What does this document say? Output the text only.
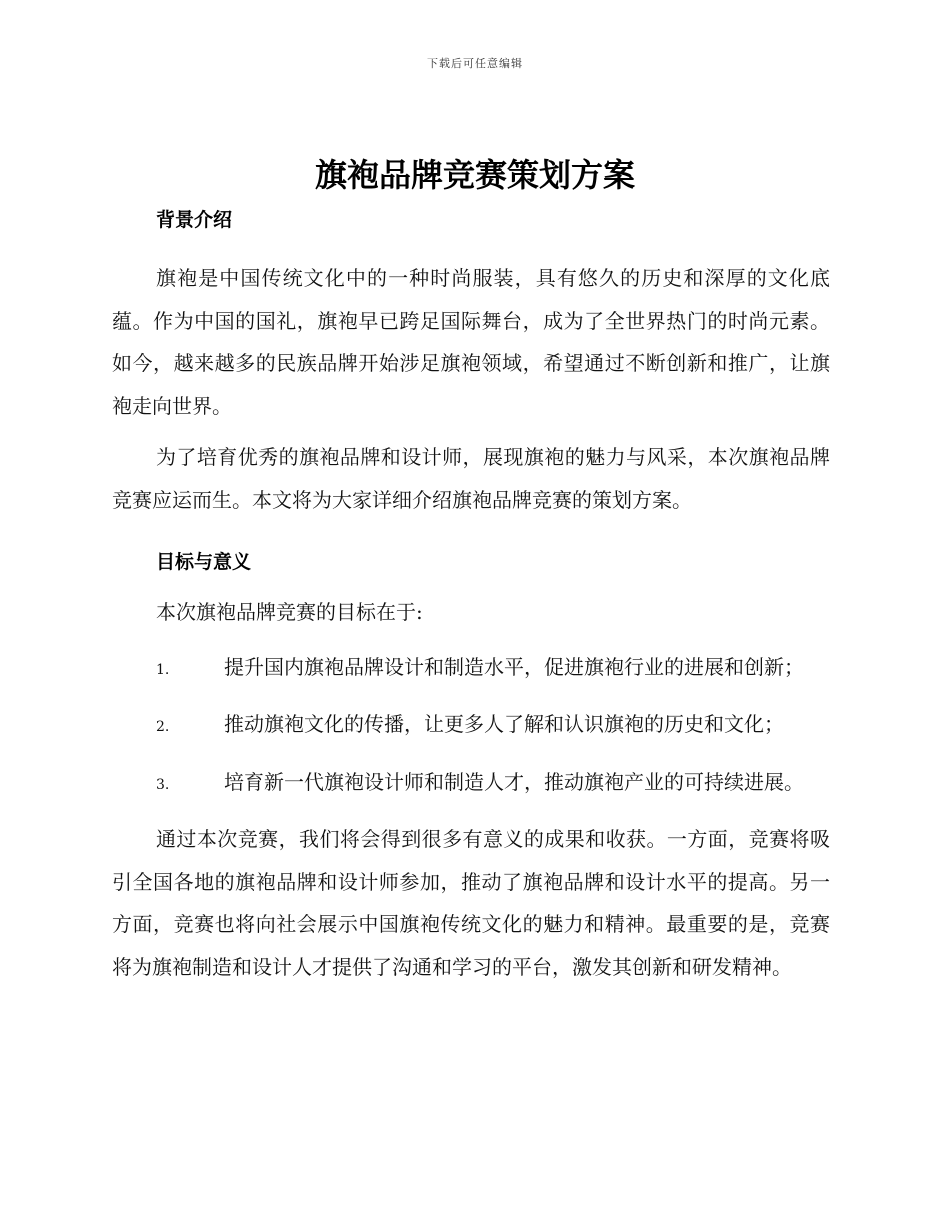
下载后可任意编辑
旗袍品牌竞赛策划方案
背景介绍

旗袍是中国传统文化中的一种时尚服装，具有悠久的历史和深厚的文化底蕴。作为中国的国礼，旗袍早已跨足国际舞台，成为了全世界热门的时尚元素。如今，越来越多的民族品牌开始涉足旗袍领域，希望通过不断创新和推广，让旗袍走向世界。

为了培育优秀的旗袍品牌和设计师，展现旗袍的魅力与风采，本次旗袍品牌竞赛应运而生。本文将为大家详细介绍旗袍品牌竞赛的策划方案。

目标与意义

本次旗袍品牌竞赛的目标在于:

1.	提升国内旗袍品牌设计和制造水平，促进旗袍行业的进展和创新；

2.	推动旗袍文化的传播，让更多人了解和认识旗袍的历史和文化；

3.	培育新一代旗袍设计师和制造人才，推动旗袍产业的可持续进展。

通过本次竞赛，我们将会得到很多有意义的成果和收获。一方面，竞赛将吸引全国各地的旗袍品牌和设计师参加，推动了旗袍品牌和设计水平的提高。另一方面，竞赛也将向社会展示中国旗袍传统文化的魅力和精神。最重要的是，竞赛将为旗袍制造和设计人才提供了沟通和学习的平台，激发其创新和研发精神。
